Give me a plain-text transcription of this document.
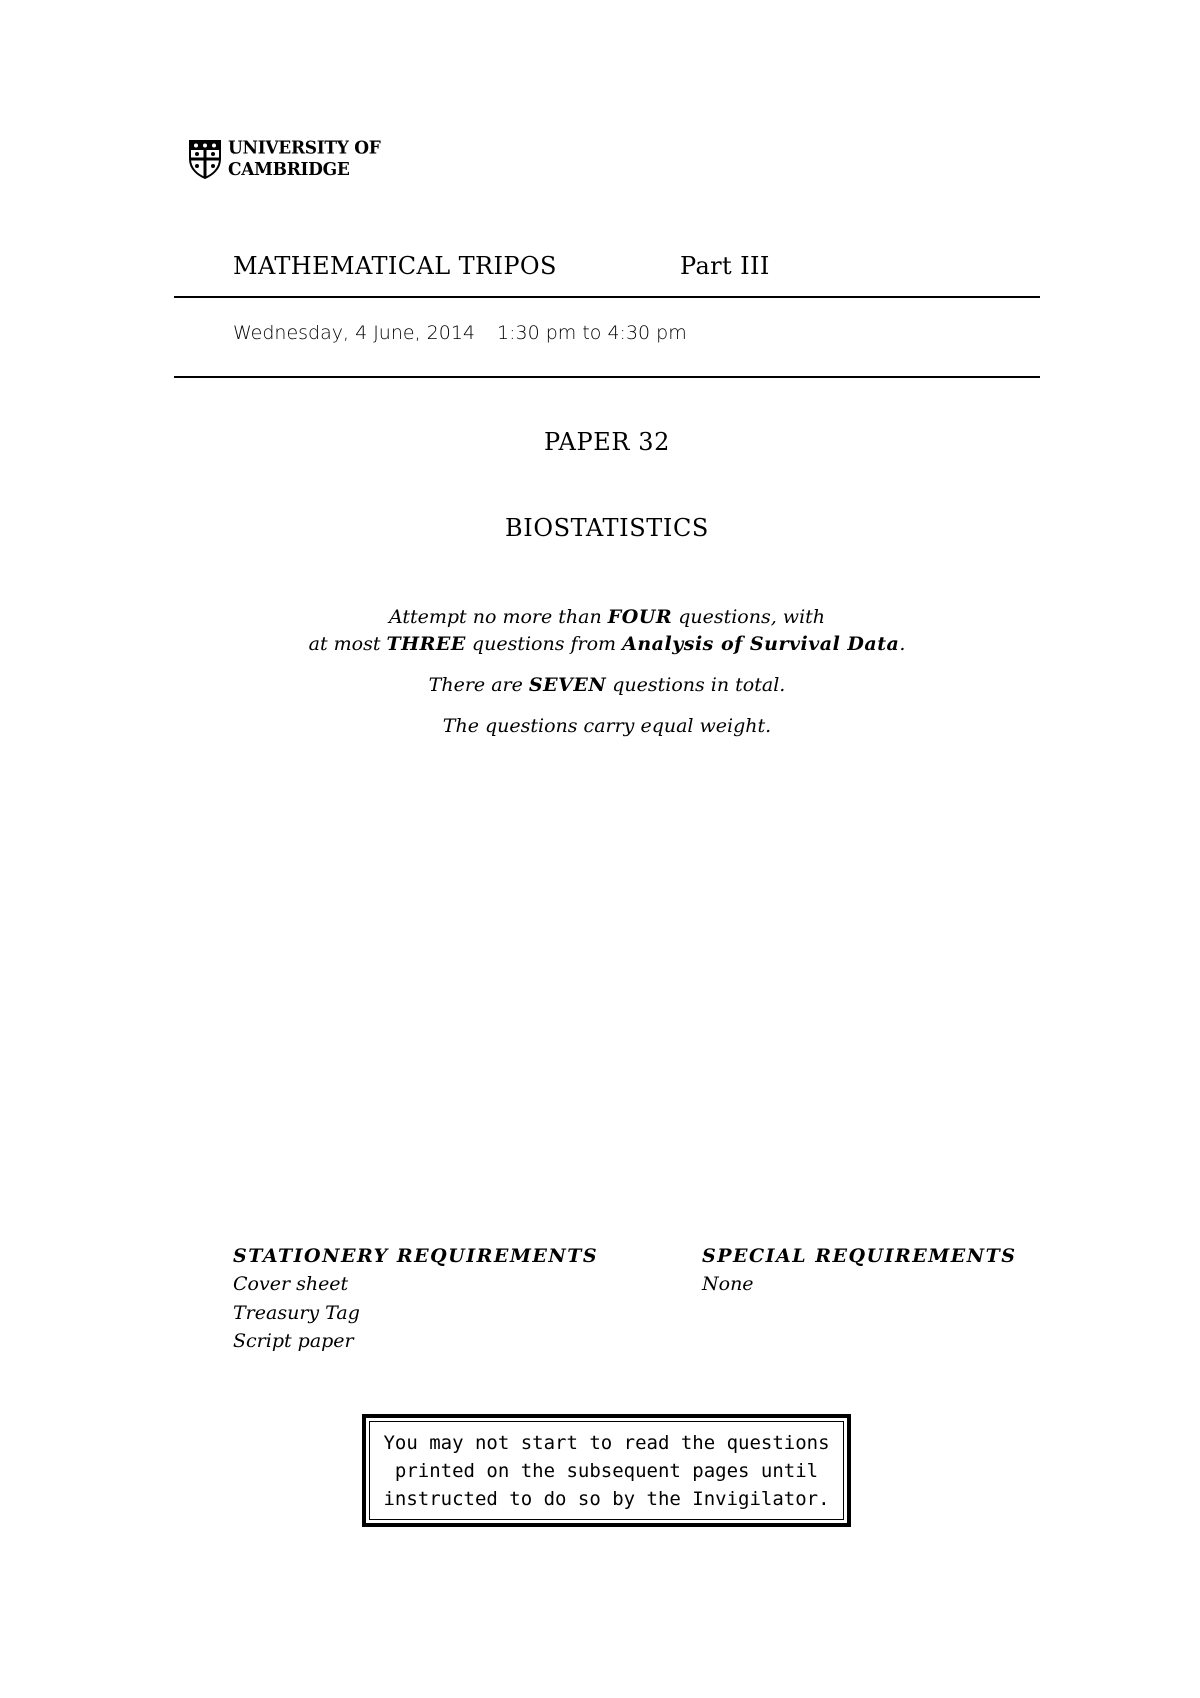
UNIVERSITY OF
CAMBRIDGE
MATHEMATICAL TRIPOS	Part III
Wednesday, 4 June, 2014 1:30 pm to 4:30 pm
PAPER 32
BIOSTATISTICS
Attempt no more than FOUR questions, with
at most THREE questions from Analysis of Survival Data.
There are SEVEN questions in total.
The questions carry equal weight.
STATIONERY REQUIREMENTS	SPECIAL REQUIREMENTS
Cover sheet
Treasury Tag
Script paper
None
You may not start to read the questions
printed on the subsequent pages until
instructed to do so by the Invigilator.
